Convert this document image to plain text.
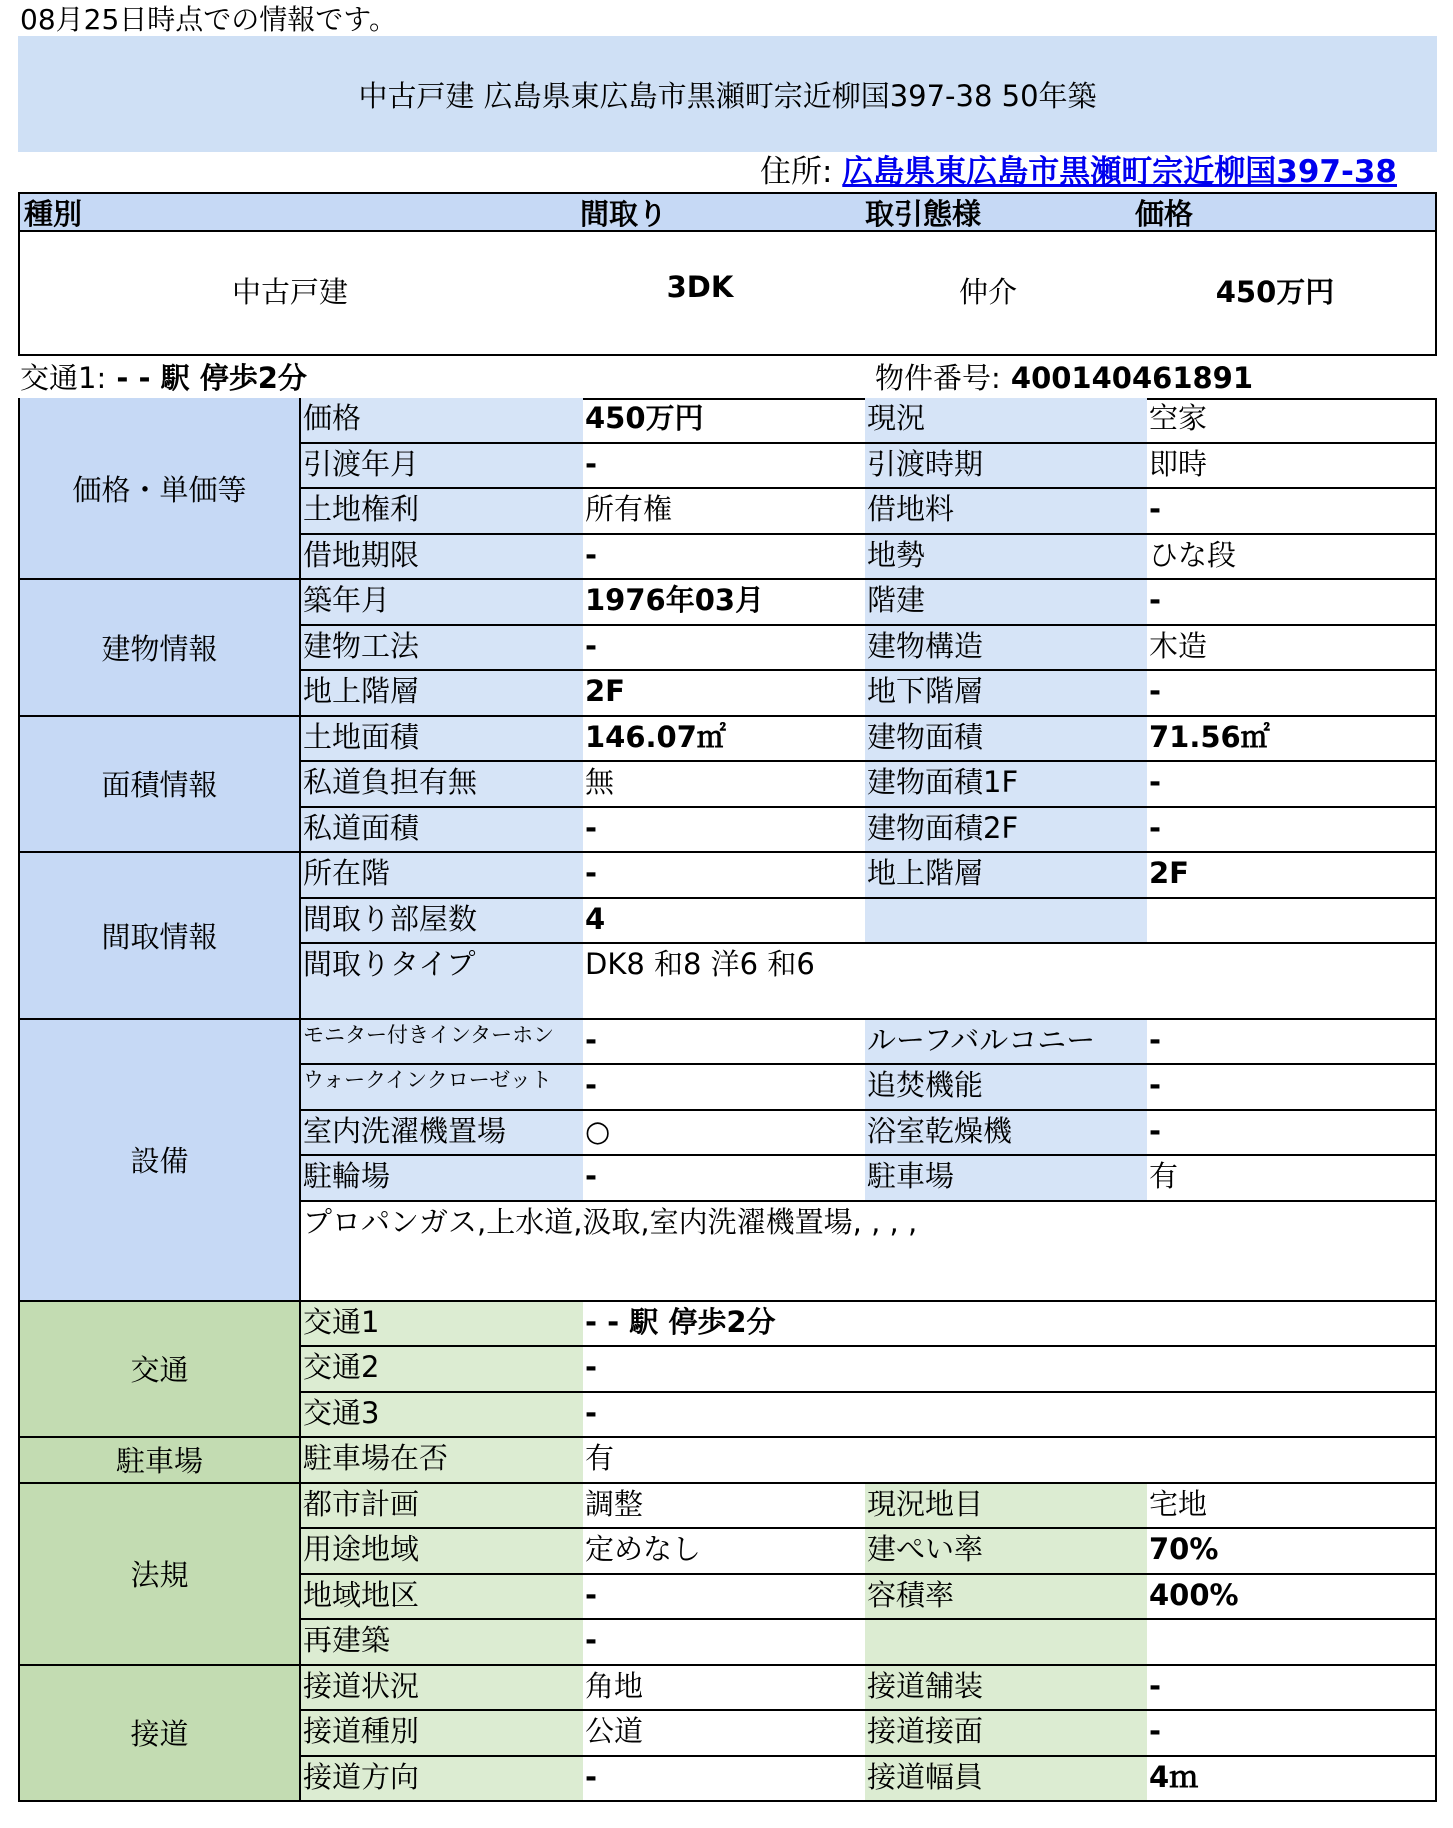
08月25日時点での情報です。
中古戸建 広島県東広島市黒瀬町宗近柳国397-38 50年築
住所: 広島県東広島市黒瀬町宗近柳国397-38
種別	間取り	取引態様	価格
中古戸建	3DK	仲介	450万円
交通1: - - 駅 停歩2分	物件番号: 400140461891
価格	450万円	現況	空家
引渡年月	-	引渡時期	即時
土地権利	所有権	借地料	-
借地期限	-	地勢	ひな段
価格・単価等
築年月	1976年03月	階建	-
建物工法	-	建物構造	木造
地上階層	2F	地下階層	-
建物情報
土地面積	146.07㎡	建物面積	71.56㎡
私道負担有無	無	建物面積1F	-
私道面積	-	建物面積2F	-
面積情報
所在階	-	地上階層	2F
間取り部屋数	4
間取りタイプ	DK8 和8 洋6 和6
間取情報
モニター付きインターホン	-	ルーフバルコニー	-
ウォークインクローゼット	-	追焚機能	-
室内洗濯機置場	○	浴室乾燥機	-
駐輪場	-	駐車場	有
プロパンガス,上水道,汲取,室内洗濯機置場, , , ,
設備
交通1	- - 駅 停歩2分
交通2	-
交通3	-
交通
駐車場在否	有
駐車場
都市計画	調整	現況地目	宅地
用途地域	定めなし	建ぺい率	70%
地域地区	-	容積率	400%
再建築	-
法規
接道状況	角地	接道舗装	-
接道種別	公道	接道接面	-
接道方向	-	接道幅員	4ｍ
接道
